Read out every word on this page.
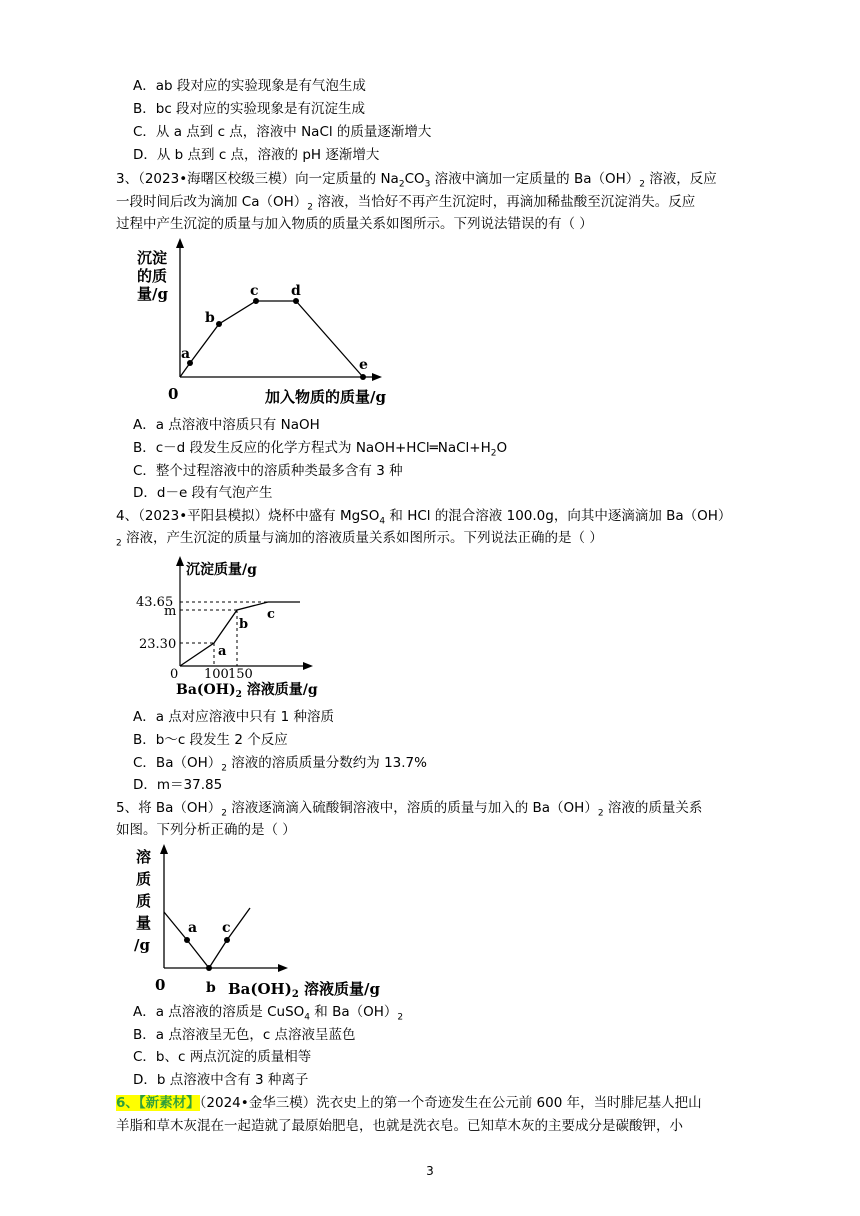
A．ab 段对应的实验现象是有气泡生成
B．bc 段对应的实验现象是有沉淀生成
C．从 a 点到 c 点，溶液中 NaCl 的质量逐渐增大
D．从 b 点到 c 点，溶液的 pH 逐渐增大
3、（2023•海曙区校级三模）向一定质量的 $Na_2CO_3$ 溶液中滴加一定质量的 $Ba(OH)_2$ 溶液，反应
一段时间后改为滴加 $Ca(OH)_2$ 溶液，当恰好不再产生沉淀时，再滴加稀盐酸至沉淀消失。反应
过程中产生沉淀的质量与加入物质的质量关系如图所示。下列说法错误的有（ ）
沉淀
的质
量/g
0	加入物质的质量/g
a
b
c d
e
A．a 点溶液中溶质只有 NaOH
B．c－d 段发生反应的化学方程式为 $NaOH+HCl═NaCl+H_2O$
C．整个过程溶液中的溶质种类最多含有 3 种
D．d－e 段有气泡产生
4、（2023•平阳县模拟）烧杯中盛有 MgSO$_4$ 和 HCl 的混合溶液 100.0g，向其中逐滴滴加 Ba（OH）
$_2$ 溶液，产生沉淀的质量与滴加的溶液质量关系如图所示。下列说法正确的是（ ）
沉淀质量/g
43.65
m
23.30
0 100 150
a
b
c
$Ba(OH)_2$ 溶液质量/g
A．a 点对应溶液中只有 1 种溶质
B．b～c 段发生 2 个反应
C．$Ba(OH)_2$ 溶液的溶质质量分数约为 13.7%
D．m＝37.85
5、将 $Ba(OH)_2$ 溶液逐滴滴入硫酸铜溶液中，溶质的质量与加入的 $Ba(OH)_2$ 溶液的质量关系
如图。下列分析正确的是（ ）
溶
质
质
量
/g
0
a
b
c
$Ba(OH)_2$ 溶液质量/g
A．a 点溶液的溶质是 CuSO$_4$ 和 $Ba(OH)_2$
B．a 点溶液呈无色，c 点溶液呈蓝色
C．b、c 两点沉淀的质量相等
D．b 点溶液中含有 3 种离子
6、【新素材】（2024•金华三模）洗衣史上的第一个奇迹发生在公元前 600 年，当时腓尼基人把山
羊脂和草木灰混在一起造就了最原始肥皂，也就是洗衣皂。已知草木灰的主要成分是碳酸钾，小
3
